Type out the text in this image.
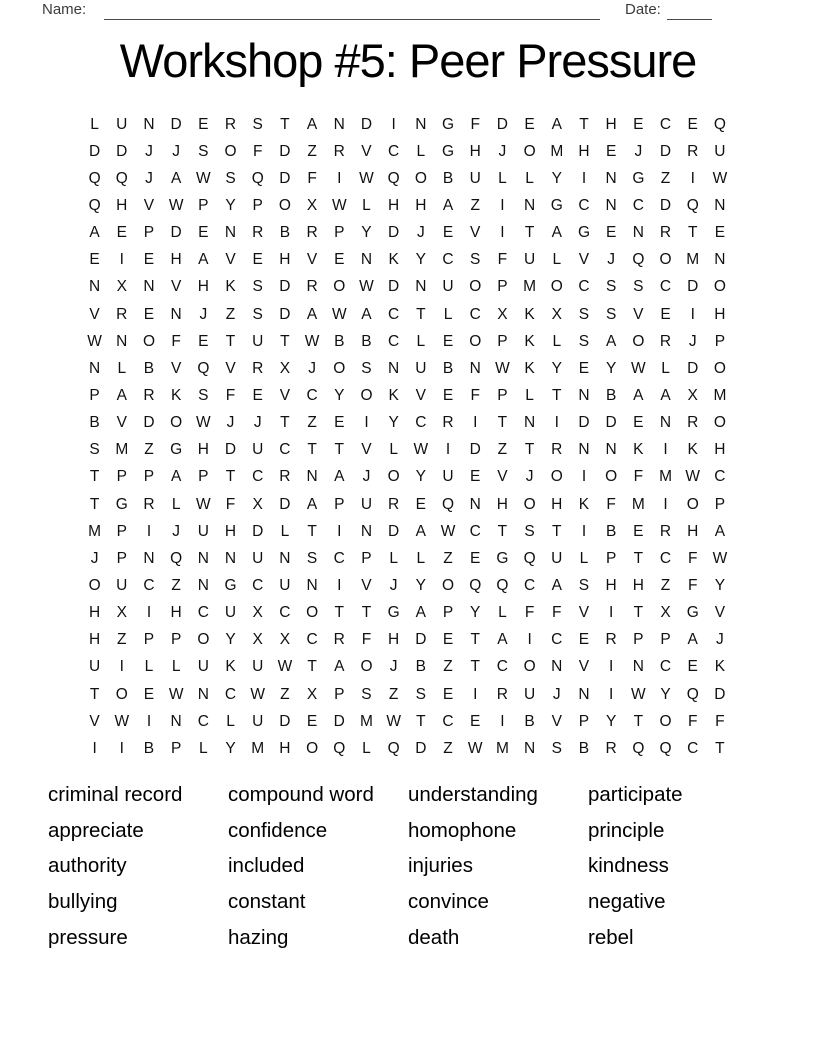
Name:	Date:
Workshop #5: Peer Pressure
L	U	N	D	E	R	S	T	A	N	D	I	N	G	F	D	E	A	T	H	E	C	E	Q
D	D	J	J	S	O	F	D	Z	R	V	C	L	G	H	J	O M H	E	J	D	R	U
Q Q	J	A W S	Q	D	F	I	W Q O	B	U	L	L	Y	I	N	G	Z	I	W
Q	H	V W P	Y	P	O	X W	L	H	H	A	Z	I	N	G	C	N	C	D	Q	N
A	E	P	D	E	N	R	B	R	P	Y	D	J	E	V	I	T	A	G	E	N	R	T	E
E	I	E	H	A	V	E	H	V	E	N	K	Y	C	S	F	U	L	V	J	Q O M N
N	X	N	V	H	K	S	D	R	O W D	N	U	O	P	M O	C	S	S	C	D	O
V	R	E	N	J	Z	S	D	A W A	C	T	L	C	X	K	X	S	S	V	E	I	H
W N	O	F	E	T	U	T W B	B	C	L	E	O	P	K	L	S	A	O	R	J	P
N	L	B	V	Q	V	R	X	J	O	S	N	U	B	N W K	Y	E	Y W	L	D	O
P	A	R	K	S	F	E	V	C	Y	O	K	V	E	F	P	L	T	N	B	A	A	X	M
B	V	D	O W	J	J	T	Z	E	I	Y	C	R	I	T	N	I	D	D	E	N	R	O
S	M	Z	G	H	D	U	C	T	T	V	L	W	I	D	Z	T	R	N	N	K	I	K	H
T	P	P	A	P	T	C	R	N	A	J	O	Y	U	E	V	J	O	I	O	F	M W C
T	G	R	L	W F	X	D	A	P	U	R	E	Q	N	H	O	H	K	F	M	I	O	P
M	P	I	J	U	H	D	L	T	I	N	D	A W C	T	S	T	I	B	E	R	H	A
J	P	N	Q	N	N	U	N	S	C	P	L	L	Z	E	G Q	U	L	P	T	C	F W
O	U	C	Z	N	G	C	U	N	I	V	J	Y	O Q Q	C	A	S	H	H	Z	F	Y
H	X	I	H	C	U	X	C	O	T	T	G	A	P	Y	L	F	F	V	I	T	X	G	V
H	Z	P	P	O	Y	X	X	C	R	F	H	D	E	T	A	I	C	E	R	P	P	A	J
U	I	L	L	U	K	U W T	A	O	J	B	Z	T	C	O	N	V	I	N	C	E	K
T	O	E W N	C W Z	X	P	S	Z	S	E	I	R	U	J	N	I	W Y	Q	D
V W	I	N	C	L	U	D	E	D M W T	C	E	I	B	V	P	Y	T	O	F	F
I	I	B	P	L	Y	M H	O Q	L	Q	D	Z W M N	S	B	R	Q Q	C	T
criminal record
appreciate
authority
bullying
pressure
compound word
confidence
included
constant
hazing
understanding
homophone
injuries
convince
death
participate
principle
kindness
negative
rebel
